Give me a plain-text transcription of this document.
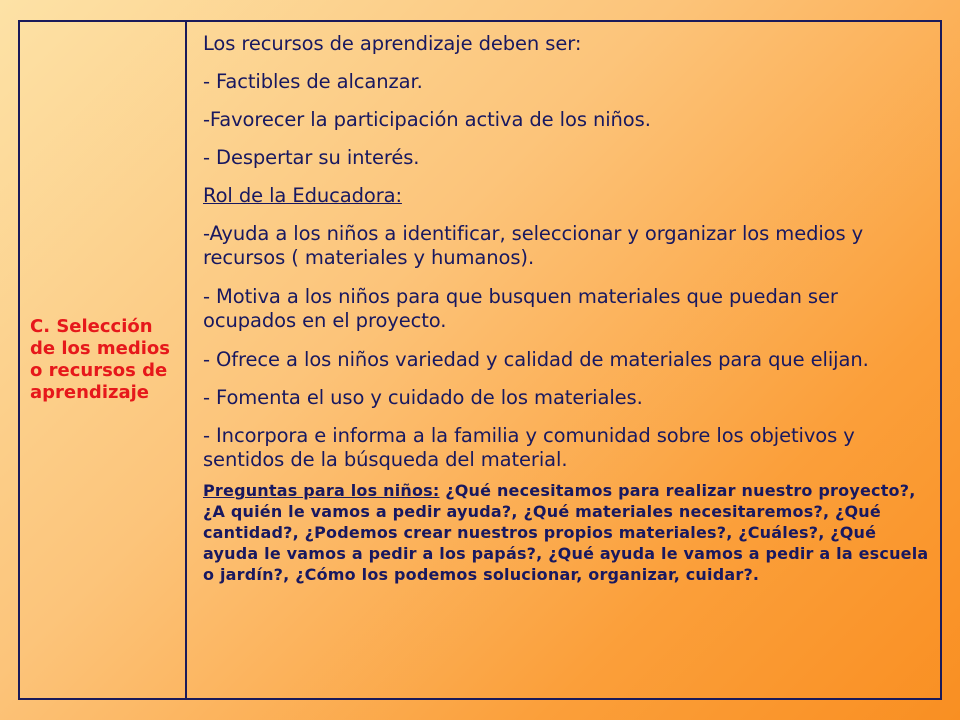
C. Selección de los medios o recursos de aprendizaje

Los recursos de aprendizaje deben ser:

- Factibles de alcanzar.

-Favorecer la participación activa de los niños.

- Despertar su interés.

Rol de la Educadora:

-Ayuda a los niños a identificar, seleccionar y organizar los medios y recursos ( materiales y humanos).

- Motiva a los niños para que busquen materiales que puedan ser ocupados en el proyecto.

- Ofrece a los niños variedad y calidad de materiales para que elijan.

- Fomenta el uso y cuidado de los materiales.

- Incorpora e informa a la familia y comunidad sobre los objetivos y sentidos de la búsqueda del material.

Preguntas para los niños: ¿Qué necesitamos para realizar nuestro proyecto?, ¿A quién le vamos a pedir ayuda?, ¿Qué materiales necesitaremos?, ¿Qué cantidad?, ¿Podemos crear nuestros propios materiales?, ¿Cuáles?, ¿Qué ayuda le vamos a pedir a los papás?, ¿Qué ayuda le vamos a pedir a la escuela o jardín?, ¿Cómo los podemos solucionar, organizar, cuidar?.
